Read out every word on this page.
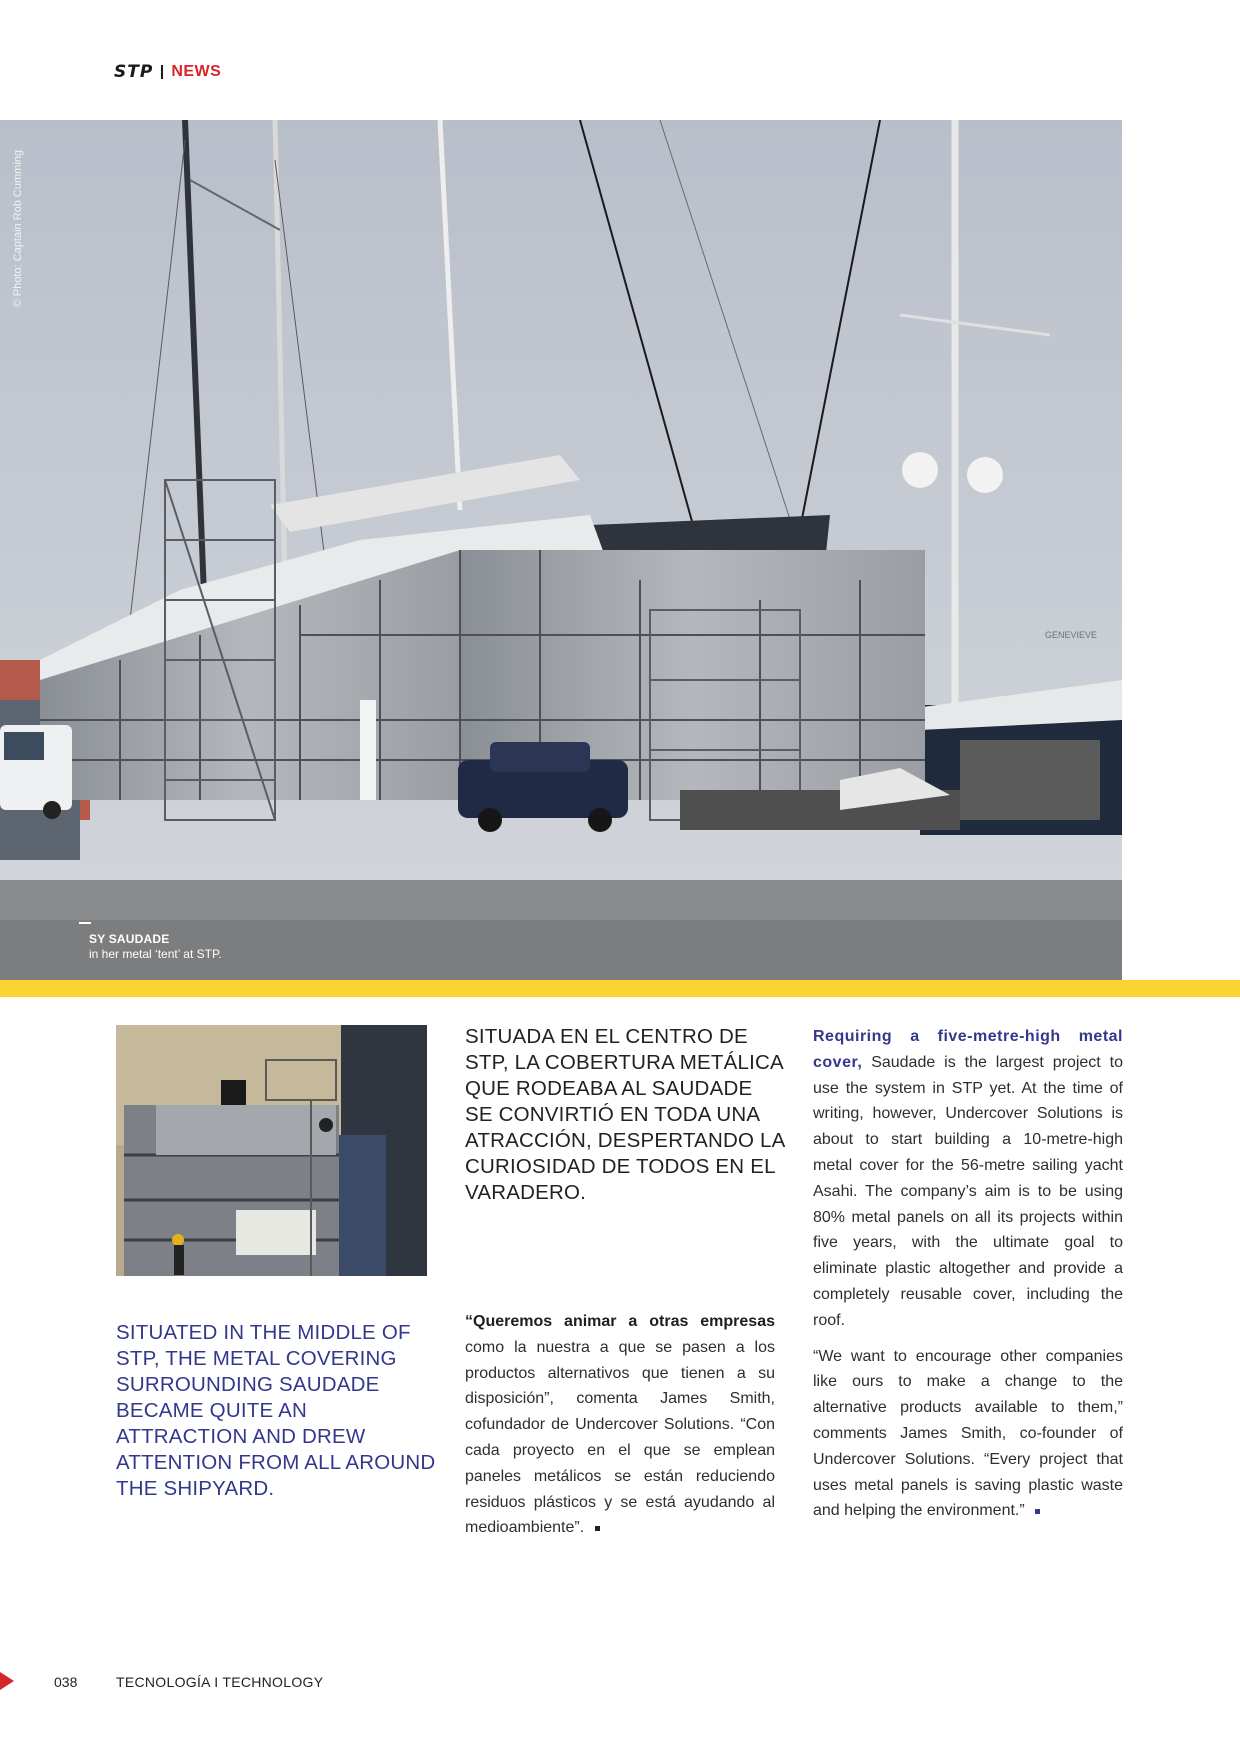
STP NEWS
GENEVIEVE
© Photo: Captain Rob Cumming
SY SAUDADE
in her metal ‘tent’ at STP.
SITUATED IN THE MIDDLE OF STP, THE METAL COVERING SURROUNDING SAUDADE BECAME QUITE AN ATTRACTION AND DREW ATTENTION FROM ALL AROUND THE SHIPYARD.
SITUADA EN EL CENTRO DE STP, LA COBERTURA METÁLICA QUE RODEABA AL SAUDADE SE CONVIRTIÓ EN TODA UNA ATRACCIÓN, DESPERTANDO LA CURIOSIDAD DE TODOS EN EL VARADERO.

“Queremos animar a otras empresas como la nuestra a que se pasen a los productos alternativos que tienen a su disposición”, comenta James Smith, cofundador de Undercover Solutions. “Con cada proyecto en el que se emplean paneles metálicos se están reduciendo residuos plásticos y se está ayudando al medioambiente”.

Requiring a five-metre-high metal cover, Saudade is the largest project to use the system in STP yet. At the time of writing, however, Undercover Solutions is about to start building a 10-metre-high metal cover for the 56-metre sailing yacht Asahi. The company’s aim is to be using 80% metal panels on all its projects within five years, with the ultimate goal to eliminate plastic altogether and provide a completely reusable cover, including the roof.

“We want to encourage other companies like ours to make a change to the alternative products available to them,” comments James Smith, co-founder of Undercover Solutions. “Every project that uses metal panels is saving plastic waste and helping the environment.”

038	TECNOLOGÍA I TECHNOLOGY
